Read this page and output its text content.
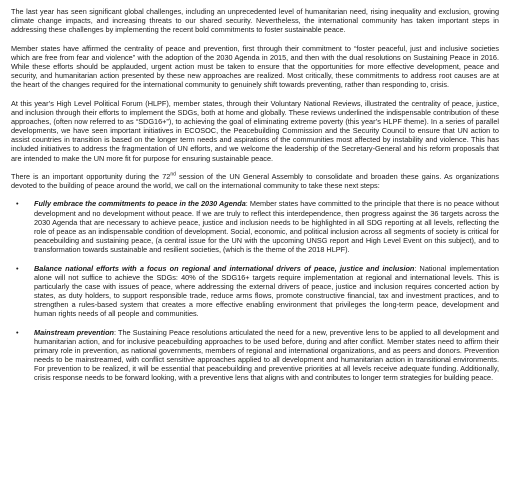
The last year has seen significant global challenges, including an unprecedented level of humanitarian need, rising inequality and exclusion, growing climate change impacts, and increasing threats to our shared security. Nevertheless, the international community has taken important steps in addressing these challenges by implementing the recent bold commitments to foster sustainable peace.

Member states have affirmed the centrality of peace and prevention, first through their commitment to “foster peaceful, just and inclusive societies which are free from fear and violence” with the adoption of the 2030 Agenda in 2015, and then with the dual resolutions on Sustaining Peace in 2016. While these efforts should be applauded, urgent action must be taken to ensure that the opportunities for more effective development, peace and security, and humanitarian action presented by these new approaches are realized. Most critically, these commitments to address root causes are at the heart of the changes required for the international community to genuinely shift towards preventing, rather than responding to, crisis.

At this year’s High Level Political Forum (HLPF), member states, through their Voluntary National Reviews, illustrated the centrality of peace, justice, and inclusion through their efforts to implement the SDGs, both at home and globally. These reviews underlined the indispensable contribution of these approaches, (often now referred to as “SDG16+”), to achieving the goal of eliminating extreme poverty (this year’s HLPF theme). In a series of parallel developments, we have seen important initiatives in ECOSOC, the Peacebuilding Commission and the Security Council to ensure that UN action to assist countries in transition is based on the longer term needs and aspirations of the communities most affected by instability and violence. This has included initiatives to address the fragmentation of UN efforts, and we welcome the leadership of the Secretary-General and his reform proposals that are intended to make the UN more fit for purpose for ensuring sustainable peace.

There is an important opportunity during the 72nd session of the UN General Assembly to consolidate and broaden these gains. As organizations devoted to the building of peace around the world, we call on the international community to take these next steps:

• Fully embrace the commitments to peace in the 2030 Agenda: Member states have committed to the principle that there is no peace without development and no development without peace. If we are truly to reflect this interdependence, then progress against the 36 targets across the 2030 Agenda that are necessary to achieve peace, justice and inclusion needs to be highlighted in all SDG reporting at all levels, reflecting the role of peace as an indispensable condition of development. Social, economic, and political inclusion across all segments of society is critical for peacebuilding and sustaining peace, (a central issue for the UN with the upcoming UNSG report and High Level Event on this subject), and to transformation towards sustainable and resilient societies, (which is the theme of the 2018 HLPF).

• Balance national efforts with a focus on regional and international drivers of peace, justice and inclusion: National implementation alone will not suffice to achieve the SDGs: 40% of the SDG16+ targets require implementation at regional and international levels. This is particularly the case with issues of peace, where addressing the external drivers of peace, justice and inclusion requires concerted action by states, as duty holders, to support responsible trade, reduce arms flows, promote constructive financial, tax and investment practices, and to strengthen a rules-based system that creates a more effective enabling environment that privileges the long-term peace, development and human rights needs of all people and communities.

• Mainstream prevention: The Sustaining Peace resolutions articulated the need for a new, preventive lens to be applied to all development and humanitarian action, and for inclusive peacebuilding approaches to be used before, during and after conflict. Member states need to affirm their primary role in prevention, as national governments, members of regional and international organizations, and as peers and donors. Prevention needs to be mainstreamed, with conflict sensitive approaches applied to all development and humanitarian action in transitional environments. For prevention to be realized, it will be essential that peacebuilding and preventive priorities at all levels receive adequate funding. Additionally, crisis response needs to be forward looking, with a preventive lens that aligns with and contributes to longer term strategies for building peace.
